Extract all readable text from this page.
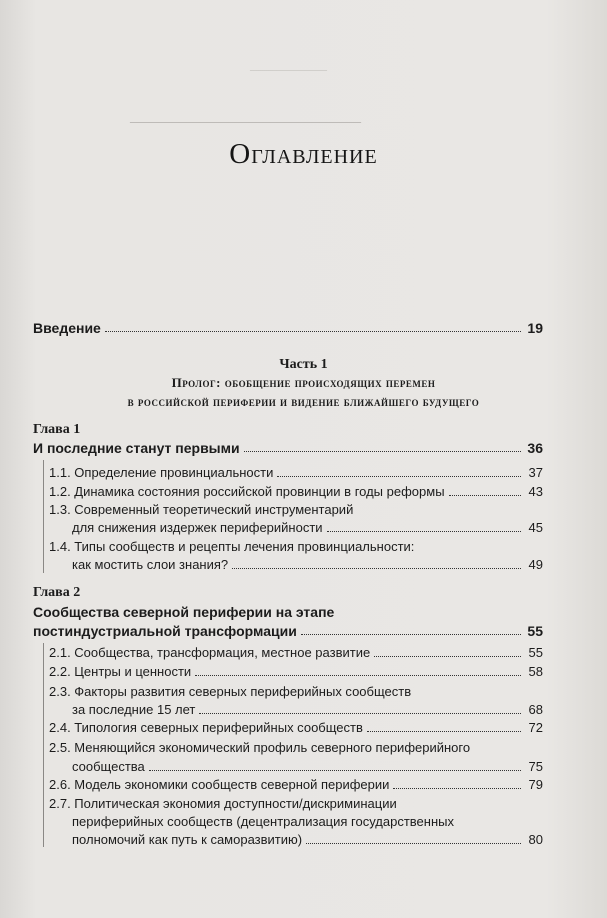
———————
_________________________________
Оглавление
Введение	19
Часть 1
Пролог: обобщение происходящих перемен
в российской периферии и видение ближайшего будущего
Глава 1
И последние станут первыми	36
1.1. Определение провинциальности	37
1.2. Динамика состояния российской провинции в годы реформы	43
1.3. Современный теоретический инструментарий
для снижения издержек периферийности	45
1.4. Типы сообществ и рецепты лечения провинциальности:
как мостить слои знания?	49
Глава 2
Сообщества северной периферии на этапе
постиндустриальной трансформации	55
2.1. Сообщества, трансформация, местное развитие	55
2.2. Центры и ценности	58
2.3. Факторы развития северных периферийных сообществ
за последние 15 лет	68
2.4. Типология северных периферийных сообществ	72
2.5. Меняющийся экономический профиль северного периферийного
сообщества	75
2.6. Модель экономики сообществ северной периферии	79
2.7. Политическая экономия доступности/дискриминации
периферийных сообществ (децентрализация государственных
полномочий как путь к саморазвитию)	80
